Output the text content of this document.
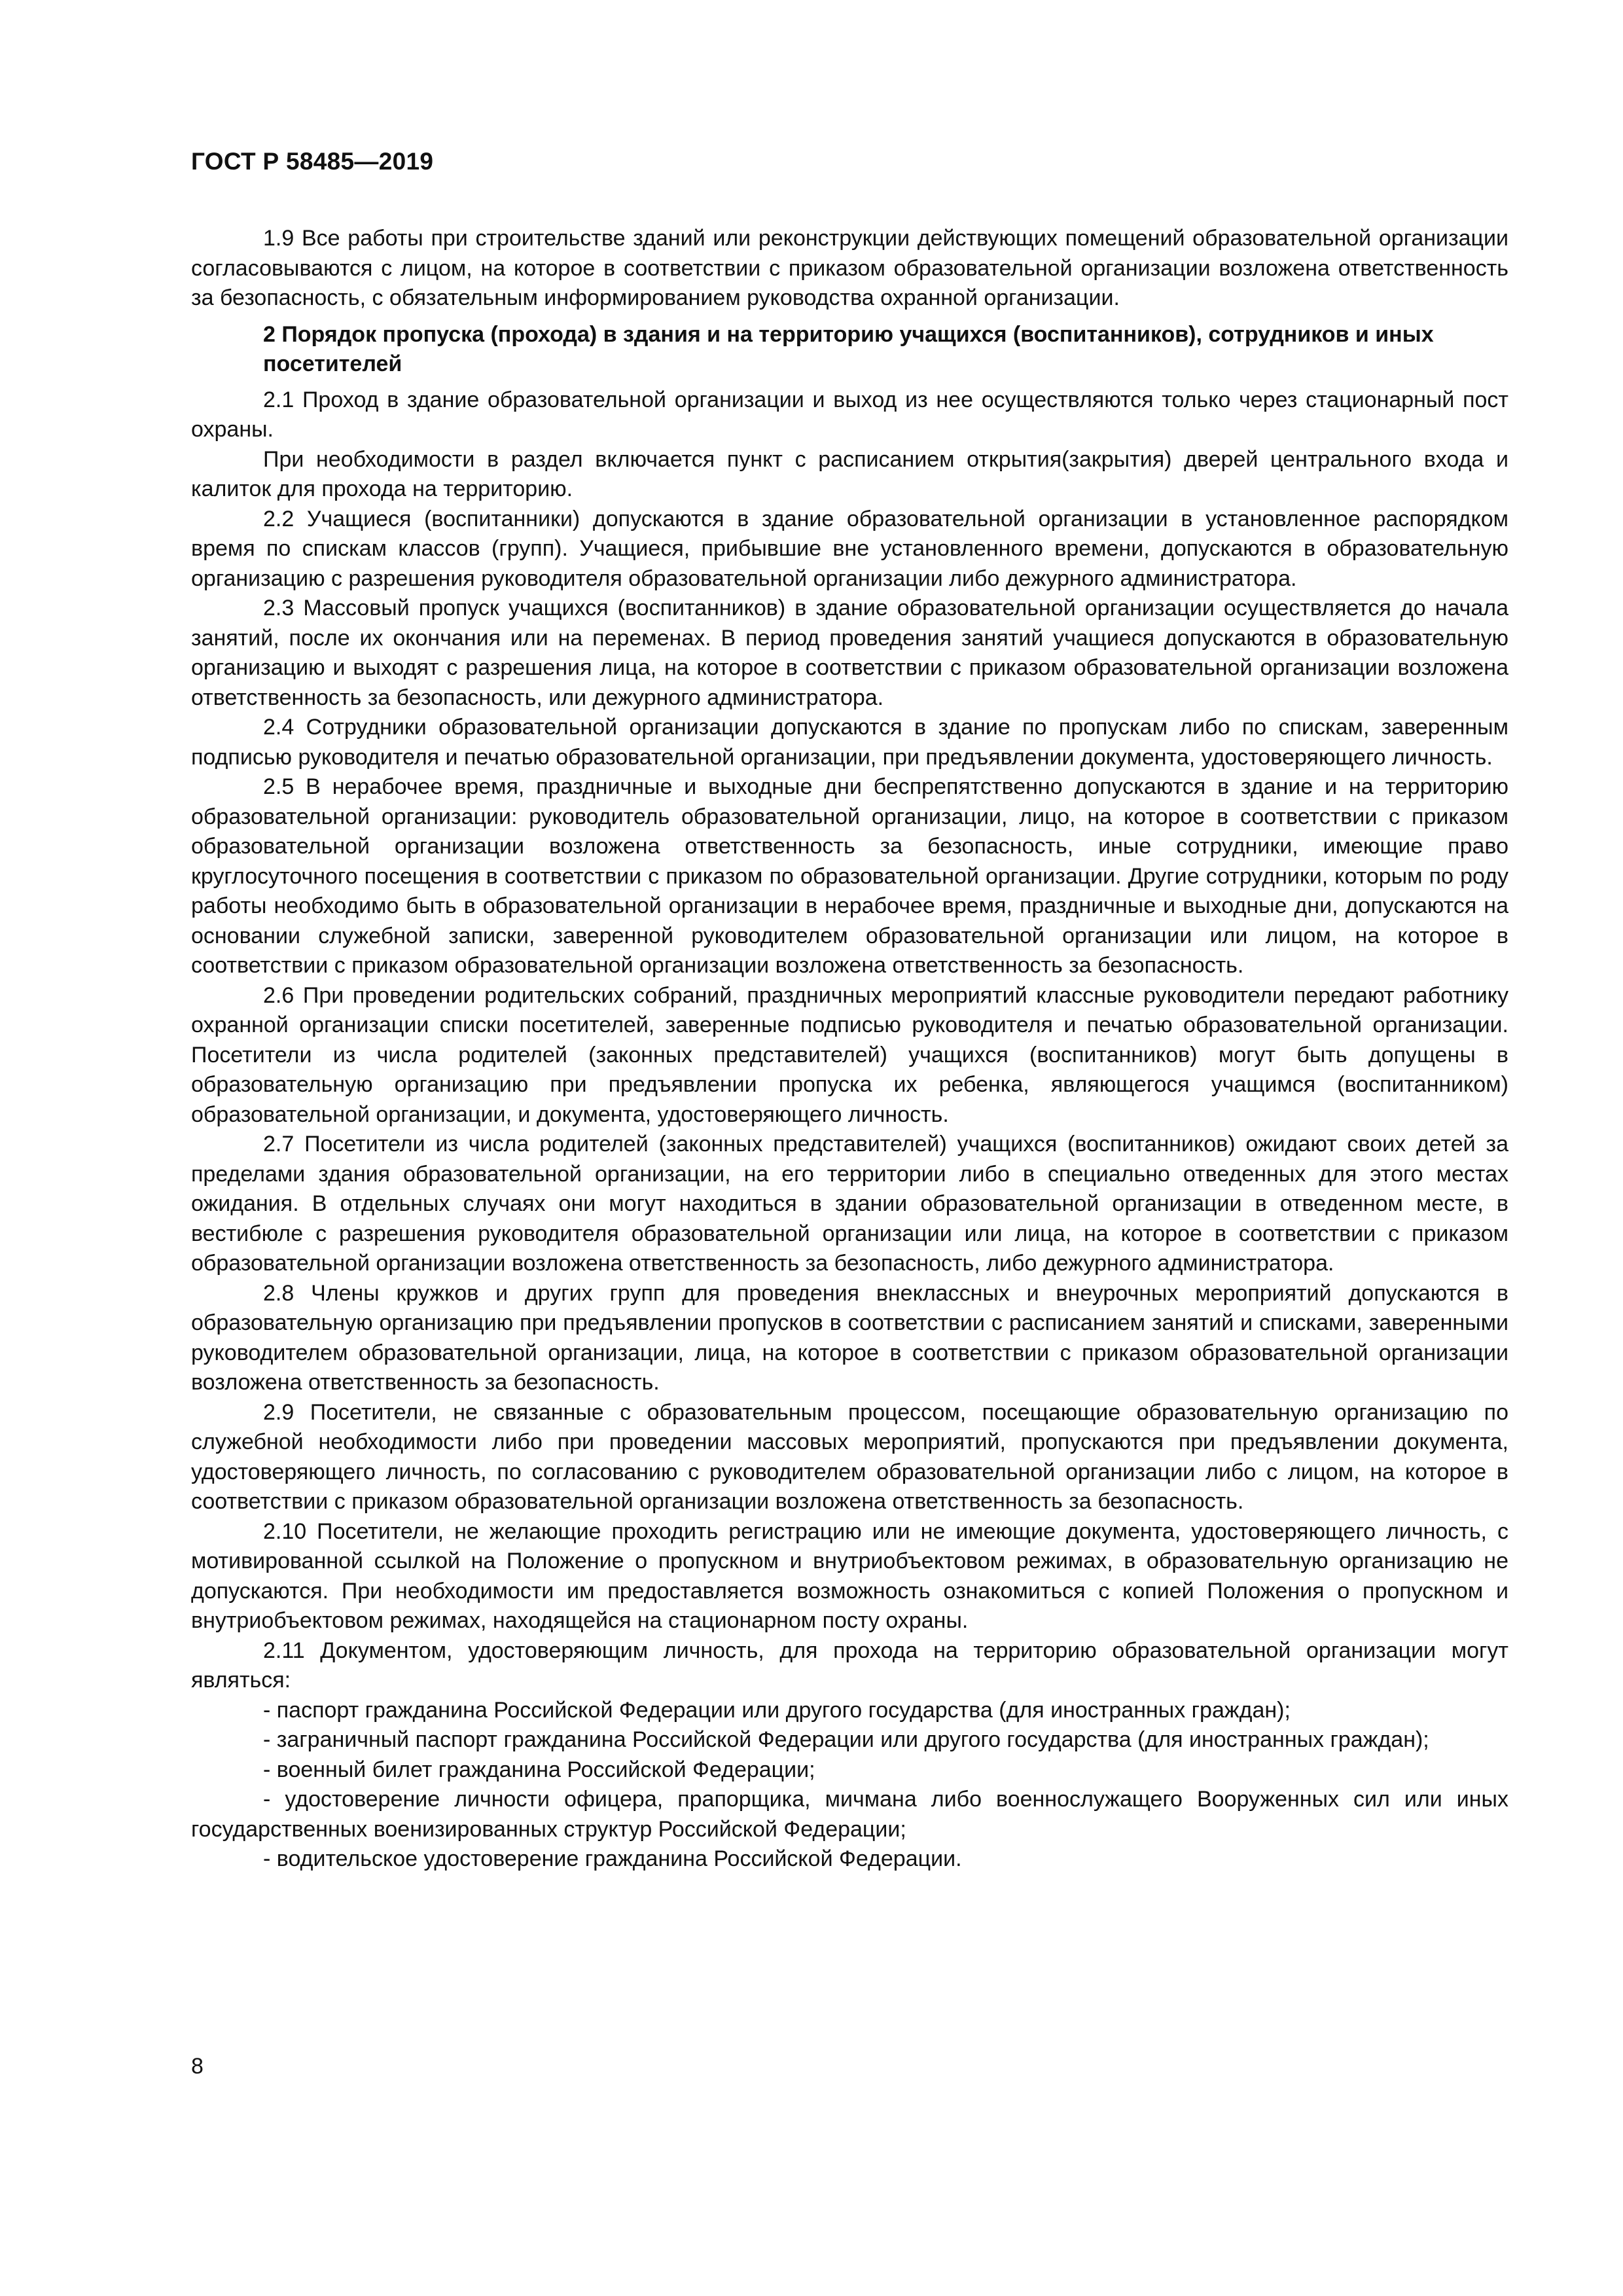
ГОСТ Р 58485—2019

1.9 Все работы при строительстве зданий или реконструкции действующих помещений образовательной организации согласовываются с лицом, на которое в соответствии с приказом образовательной организации возложена ответственность за безопасность, с обязательным информированием руководства охранной организации.

2 Порядок пропуска (прохода) в здания и на территорию учащихся (воспитанников), сотрудников и иных посетителей

2.1 Проход в здание образовательной организации и выход из нее осуществляются только через стационарный пост охраны.

При необходимости в раздел включается пункт с расписанием открытия(закрытия) дверей центрального входа и калиток для прохода на территорию.

2.2 Учащиеся (воспитанники) допускаются в здание образовательной организации в установленное распорядком время по спискам классов (групп). Учащиеся, прибывшие вне установленного времени, допускаются в образовательную организацию с разрешения руководителя образовательной организации либо дежурного администратора.

2.3 Массовый пропуск учащихся (воспитанников) в здание образовательной организации осуществляется до начала занятий, после их окончания или на переменах. В период проведения занятий учащиеся допускаются в образовательную организацию и выходят с разрешения лица, на которое в соответствии с приказом образовательной организации возложена ответственность за безопасность, или дежурного администратора.

2.4 Сотрудники образовательной организации допускаются в здание по пропускам либо по спискам, заверенным подписью руководителя и печатью образовательной организации, при предъявлении документа, удостоверяющего личность.

2.5 В нерабочее время, праздничные и выходные дни беспрепятственно допускаются в здание и на территорию образовательной организации: руководитель образовательной организации, лицо, на которое в соответствии с приказом образовательной организации возложена ответственность за безопасность, иные сотрудники, имеющие право круглосуточного посещения в соответствии с приказом по образовательной организации. Другие сотрудники, которым по роду работы необходимо быть в образовательной организации в нерабочее время, праздничные и выходные дни, допускаются на основании служебной записки, заверенной руководителем образовательной организации или лицом, на которое в соответствии с приказом образовательной организации возложена ответственность за безопасность.

2.6 При проведении родительских собраний, праздничных мероприятий классные руководители передают работнику охранной организации списки посетителей, заверенные подписью руководителя и печатью образовательной организации. Посетители из числа родителей (законных представителей) учащихся (воспитанников) могут быть допущены в образовательную организацию при предъявлении пропуска их ребенка, являющегося учащимся (воспитанником) образовательной организации, и документа, удостоверяющего личность.

2.7 Посетители из числа родителей (законных представителей) учащихся (воспитанников) ожидают своих детей за пределами здания образовательной организации, на его территории либо в специально отведенных для этого местах ожидания. В отдельных случаях они могут находиться в здании образовательной организации в отведенном месте, в вестибюле с разрешения руководителя образовательной организации или лица, на которое в соответствии с приказом образовательной организации возложена ответственность за безопасность, либо дежурного администратора.

2.8 Члены кружков и других групп для проведения внеклассных и внеурочных мероприятий допускаются в образовательную организацию при предъявлении пропусков в соответствии с расписанием занятий и списками, заверенными руководителем образовательной организации, лица, на которое в соответствии с приказом образовательной организации возложена ответственность за безопасность.

2.9 Посетители, не связанные с образовательным процессом, посещающие образовательную организацию по служебной необходимости либо при проведении массовых мероприятий, пропускаются при предъявлении документа, удостоверяющего личность, по согласованию с руководителем образовательной организации либо с лицом, на которое в соответствии с приказом образовательной организации возложена ответственность за безопасность.

2.10 Посетители, не желающие проходить регистрацию или не имеющие документа, удостоверяющего личность, с мотивированной ссылкой на Положение о пропускном и внутриобъектовом режимах, в образовательную организацию не допускаются. При необходимости им предоставляется возможность ознакомиться с копией Положения о пропускном и внутриобъектовом режимах, находящейся на стационарном посту охраны.

2.11 Документом, удостоверяющим личность, для прохода на территорию образовательной организации могут являться:

- паспорт гражданина Российской Федерации или другого государства (для иностранных граждан);

- заграничный паспорт гражданина Российской Федерации или другого государства (для иностранных граждан);

- военный билет гражданина Российской Федерации;

- удостоверение личности офицера, прапорщика, мичмана либо военнослужащего Вооруженных сил или иных государственных военизированных структур Российской Федерации;

- водительское удостоверение гражданина Российской Федерации.

8
